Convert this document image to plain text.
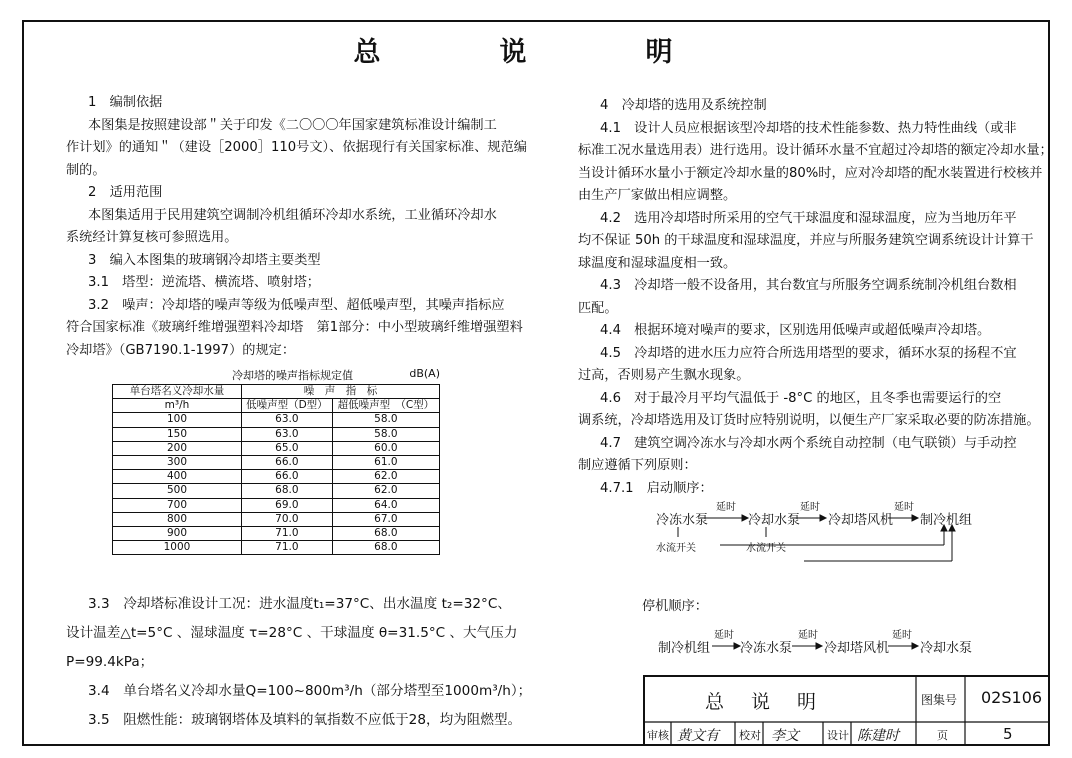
总　说　明

1　编制依据

本图集是按照建设部＂关于印发《二〇〇〇年国家建筑标准设计编制工

作计划》的通知＂（建设［2000］110号文）、依据现行有关国家标准、规范编

制的。

2　适用范围

本图集适用于民用建筑空调制冷机组循环冷却水系统，工业循环冷却水

系统经计算复核可参照选用。

3　编入本图集的玻璃钢冷却塔主要类型

3.1　塔型：逆流塔、横流塔、喷射塔；

3.2　噪声：冷却塔的噪声等级为低噪声型、超低噪声型，其噪声指标应

符合国家标准《玻璃纤维增强塑料冷却塔　第1部分：中小型玻璃纤维增强塑料

冷却塔》（GB7190.1-1997）的规定：

冷却塔的噪声指标规定值	dB(A)
单台塔名义冷却水量	噪　声　指　标	
m³/h	低噪声型（D型）	超低噪声型　（C型）
100	63.0	58.0
150	63.0	58.0
200	65.0	60.0
300	66.0	61.0
400	66.0	62.0
500	68.0	62.0
700	69.0	64.0
800	70.0	67.0
900	71.0	68.0
1000	71.0	68.0

3.3　冷却塔标准设计工况：进水温度t₁=37°C、出水温度 t₂=32°C、

设计温差△t=5°C 、湿球温度 τ=28°C 、干球温度 θ=31.5°C 、大气压力

P=99.4kPa；

3.4　单台塔名义冷却水量Q=100~800m³/h（部分塔型至1000m³/h）；

3.5　阻燃性能：玻璃钢塔体及填料的氧指数不应低于28，均为阻燃型。

4　冷却塔的选用及系统控制

4.1　设计人员应根据该型冷却塔的技术性能参数、热力特性曲线（或非

标准工况水量选用表）进行选用。设计循环水量不宜超过冷却塔的额定冷却水量；

当设计循环水量小于额定冷却水量的80%时，应对冷却塔的配水装置进行校核并

由生产厂家做出相应调整。

4.2　选用冷却塔时所采用的空气干球温度和湿球温度，应为当地历年平

均不保证 50h 的干球温度和湿球温度，并应与所服务建筑空调系统设计计算干

球温度和湿球温度相一致。

4.3　冷却塔一般不设备用，其台数宜与所服务空调系统制冷机组台数相

匹配。

4.4　根据环境对噪声的要求，区别选用低噪声或超低噪声冷却塔。

4.5　冷却塔的进水压力应符合所选用塔型的要求，循环水泵的扬程不宜

过高，否则易产生飘水现象。

4.6　对于最冷月平均气温低于 -8°C 的地区，且冬季也需要运行的空

调系统，冷却塔选用及订货时应特别说明，以便生产厂家采取必要的防冻措施。

4.7　建筑空调冷冻水与冷却水两个系统自动控制（电气联锁）与手动控

制应遵循下列原则：

4.7.1　启动顺序：

冷冻水泵	冷却水泵 冷却塔风机 制冷机组
延时	延时	延时
水流开关	水流开关

停机顺序：

制冷机组 冷冻水泵 冷却塔风机 冷却水泵
延时	延时	延时
总　说　明	图集号 02S106
审核 黄文有 校对 李文	设计 陈建时	页	5
